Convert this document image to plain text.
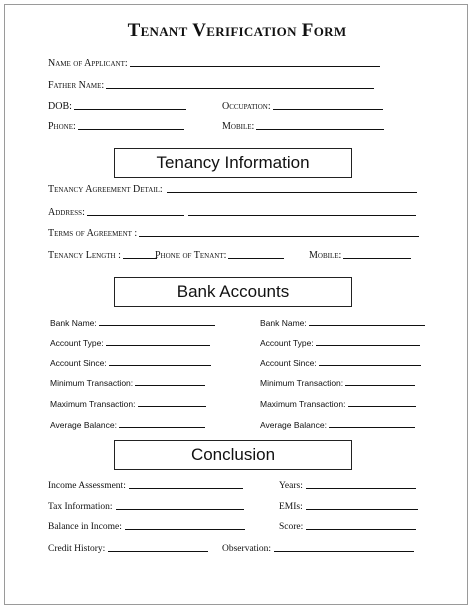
Tenant Verification Form
Name of Applicant:
Father Name:
DOB:	Occupation:
Phone:	Mobile:
Tenancy Information
Tenancy Agreement Detail:
Address:
Terms of Agreement :
Tenancy Length :	Phone of Tenant:	Mobile:
Bank Accounts
Bank Name:	Bank Name:
Account Type:	Account Type:
Account Since:	Account Since:
Minimum Transaction:	Minimum Transaction:
Maximum Transaction:	Maximum Transaction:
Average Balance:	Average Balance:
Conclusion
Income Assessment:	Years:
Tax Information:	EMIs:
Balance in Income:	Score:
Credit History:	Observation:
